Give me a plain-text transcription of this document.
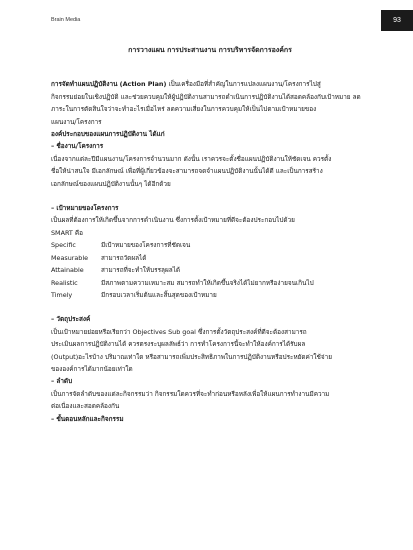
Brain Media	93

การวางแผน การประสานงาน การบริหารจัดการองค์กร

การจัดทำแผนปฏิบัติงาน (Action Plan) เป็นเครื่องมือที่สำคัญในการแปลงแผนงาน/โครงการไปสู่

กิจกรรมย่อยในเชิงปฏิบัติ และช่วยควบคุมให้ผู้ปฏิบัติงานสามารถดำเนินการปฏิบัติงานได้สอดคล้องกับเป้าหมาย ลด

ภาระในการตัดสินใจว่าจะทำอะไรเมื่อไหร่ ลดความเสี่ยงในการควบคุมให้เป็นไปตามเป้าหมายของ

แผนงาน/โครงการ

องค์ประกอบของแผนการปฏิบัติงาน ได้แก่

– ชื่องาน/โครงการ

เนื่องจากแต่ละปีมีแผนงาน/โครงการจำนวนมาก ดังนั้น เราควรจะตั้งชื่อแผนปฏิบัติงานให้ชัดเจน ควรตั้ง

ชื่อให้น่าสนใจ มีเอกลักษณ์ เพื่อที่ผู้เกี่ยวข้องจะสามารถจดจำแผนปฏิบัติงานนั้นได้ดี และเป็นการสร้าง

เอกลักษณ์ของแผนปฏิบัติงานนั้นๆ ได้อีกด้วย

– เป้าหมายของโครงการ

เป็นผลที่ต้องการให้เกิดขึ้นจากการดำเนินงาน ซึ่งการตั้งเป้าหมายที่ดีจะต้องประกอบไปด้วย

SMART คือ

Specific	มีเป้าหมายของโครงการที่ชัดเจน
Measurable	สามารถวัดผลได้
Attainable	สามารถที่จะทำให้บรรลุผลได้
Realistic	มีสภาพตามความเหมาะสม สมารถทำให้เกิดขึ้นจริงได้ไม่ยากหรือง่ายจนเกินไป
Timely	มีกรอบเวลาเริ่มต้นและสิ้นสุดของเป้าหมาย

– วัตถุประสงค์

เป็นเป้าหมายย่อยหรือเรียกว่า Objectives Sub goal ซึ่งการตั้งวัตถุประสงค์ที่ดีจะต้องสามารถ

ประเมินผลการปฏิบัติงานได้ ควรตรงระบุผลลัพธ์ว่า การทำโครงการนี้จะทำให้องค์การได้รับผล

(Output)อะไรบ้าง ปริมาณเท่าใด หรือสามารถเพิ่มประสิทธิภาพในการปฏิบัติงานหรือประหยัดค่าใช้จ่าย

ขององค์การได้มากน้อยเท่าใด

– ลำดับ

เป็นการจัดลำดับของแต่ละกิจกรรมว่า กิจกรรมใดควรที่จะทำก่อนหรือหลังเพื่อให้แผนการทำงานมีความ

ต่อเนื่องและสอดคล้องกัน

– ขั้นตอนหลักและกิจกรรม
